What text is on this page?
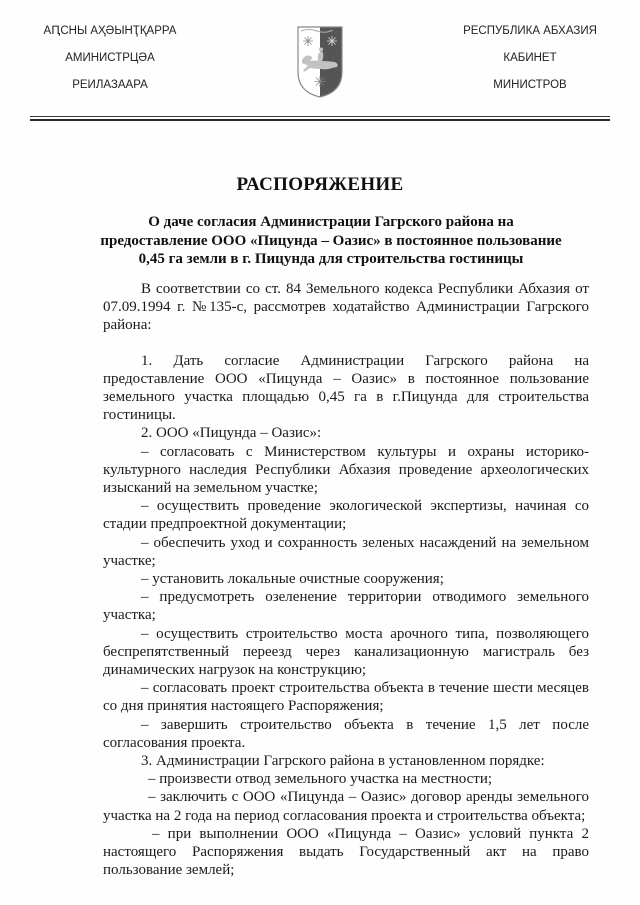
АԤСНЫ АҲӘЫНҬҚАРРА
АМИНИСТРЦӘА
РЕИЛАЗААРА
РЕСПУБЛИКА АБХАЗИЯ
КАБИНЕТ
МИНИСТРОВ
РАСПОРЯЖЕНИЕ
О даче согласия Администрации Гагрского района на предоставление ООО «Пицунда – Оазис» в постоянное пользование 0,45 га земли в г. Пицунда для строительства гостиницы

В соответствии со ст. 84 Земельного кодекса Республики Абхазия от 07.09.1994 г. №135-с, рассмотрев ходатайство Администрации Гагрского района:

1. Дать согласие Администрации Гагрского района на предоставление ООО «Пицунда – Оазис» в постоянное пользование земельного участка площадью 0,45 га в г.Пицунда для строительства гостиницы.

2. ООО «Пицунда – Оазис»:

– согласовать с Министерством культуры и охраны историко-культурного наследия Республики Абхазия проведение археологических изысканий на земельном участке;

– осуществить проведение экологической экспертизы, начиная со стадии предпроектной документации;

– обеспечить уход и сохранность зеленых насаждений на земельном участке;

– установить локальные очистные сооружения;

– предусмотреть озеленение территории отводимого земельного участка;

– осуществить строительство моста арочного типа, позволяющего беспрепятственный переезд через канализационную магистраль без динамических нагрузок на конструкцию;

– согласовать проект строительства объекта в течение шести месяцев со дня принятия настоящего Распоряжения;

– завершить строительство объекта в течение 1,5 лет после согласования проекта.

3. Администрации Гагрского района в установленном порядке:

– произвести отвод земельного участка на местности;

– заключить с ООО «Пицунда – Оазис» договор аренды земельного участка на 2 года на период согласования проекта и строительства объекта;

– при выполнении ООО «Пицунда – Оазис» условий пункта 2 настоящего Распоряжения выдать Государственный акт на право пользование землей;
